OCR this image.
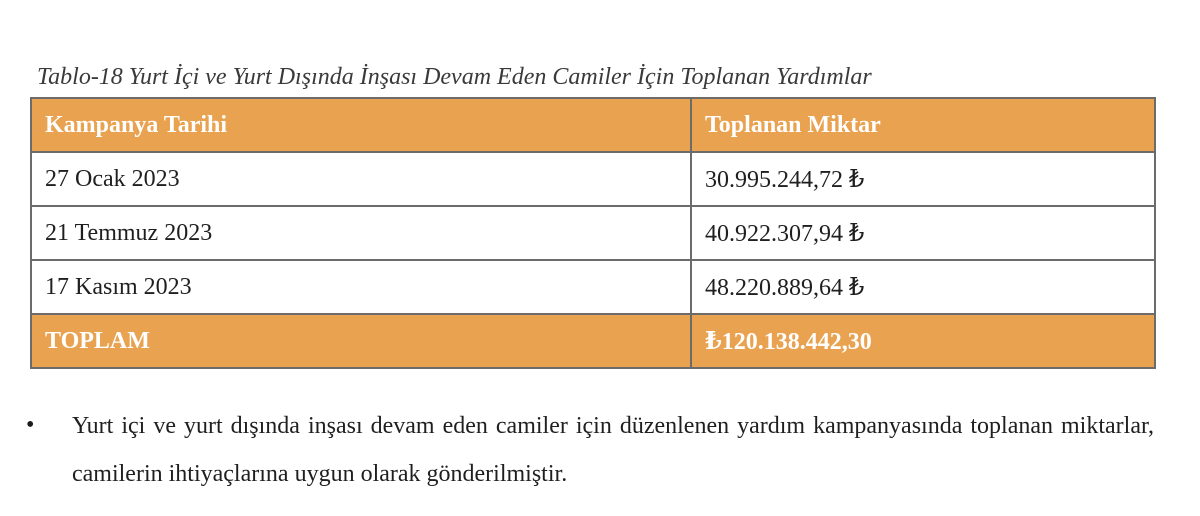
Tablo-18 Yurt İçi ve Yurt Dışında İnşası Devam Eden Camiler İçin Toplanan Yardımlar
Kampanya Tarihi	Toplanan Miktar
27 Ocak 2023	30.995.244,72 ₺
21 Temmuz 2023	40.922.307,94 ₺
17 Kasım 2023	48.220.889,64 ₺
TOPLAM	₺120.138.442,30
• Yurt içi ve yurt dışında inşası devam eden camiler için düzenlenen yardım kampanyasında toplanan miktarlar, camilerin ihtiyaçlarına uygun olarak gönderilmiştir.
